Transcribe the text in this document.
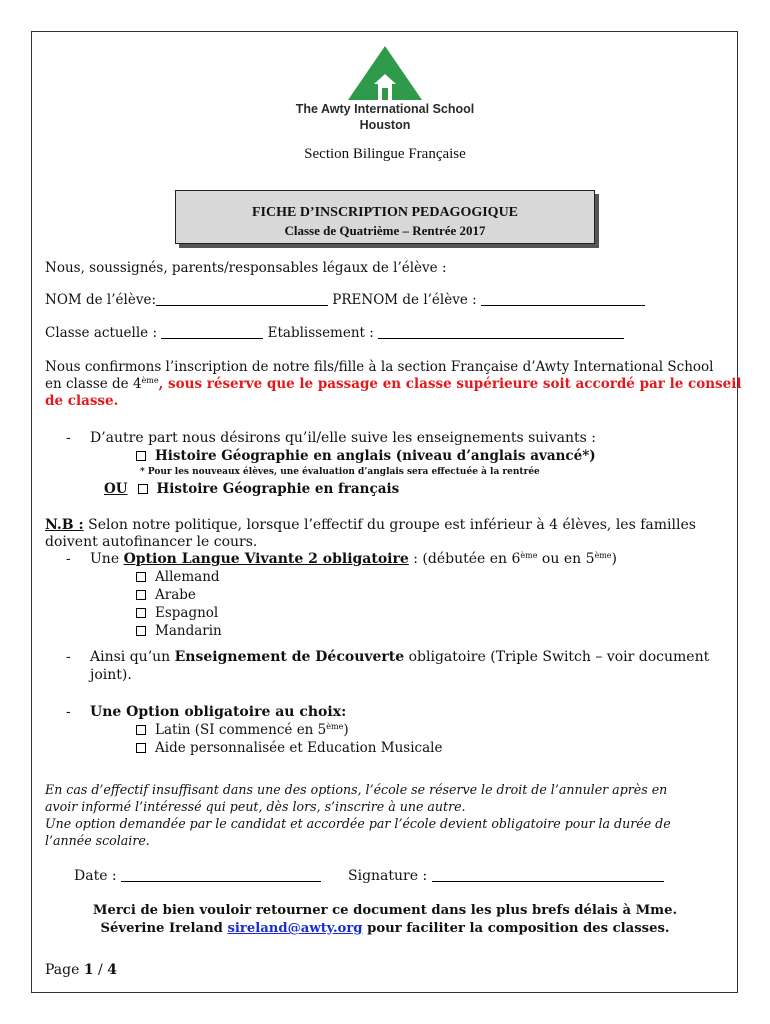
The Awty International School
Houston
Section Bilingue Française
FICHE D’INSCRIPTION PEDAGOGIQUE
Classe de Quatrième – Rentrée 2017
Nous, soussignés, parents/responsables légaux de l’élève :
NOM de l’élève:	PRENOM de l’élève :
Classe actuelle :	Etablissement :
Nous confirmons l’inscription de notre fils/fille à la section Française d’Awty International School
en classe de 4ème, sous réserve que le passage en classe supérieure soit accordé par le conseil
de classe.
- D’autre part nous désirons qu’il/elle suive les enseignements suivants :
Histoire Géographie en anglais (niveau d’anglais avancé*)
* Pour les nouveaux élèves, une évaluation d’anglais sera effectuée à la rentrée
OU Histoire Géographie en français
N.B : Selon notre politique, lorsque l’effectif du groupe est inférieur à 4 élèves, les familles
doivent autofinancer le cours.
- Une Option Langue Vivante 2 obligatoire : (débutée en 6ème ou en 5ème)
Allemand
Arabe
Espagnol
Mandarin
- Ainsi qu’un Enseignement de Découverte obligatoire (Triple Switch – voir document
joint).
- Une Option obligatoire au choix:
Latin (SI commencé en 5ème)
Aide personnalisée et Education Musicale
En cas d’effectif insuffisant dans une des options, l’école se réserve le droit de l’annuler après en
avoir informé l’intéressé qui peut, dès lors, s’inscrire à une autre.
Une option demandée par le candidat et accordée par l’école devient obligatoire pour la durée de
l’année scolaire.
Date :	Signature :
Merci de bien vouloir retourner ce document dans les plus brefs délais à Mme.
Séverine Ireland sireland@awty.org pour faciliter la composition des classes.
Page 1 / 4
